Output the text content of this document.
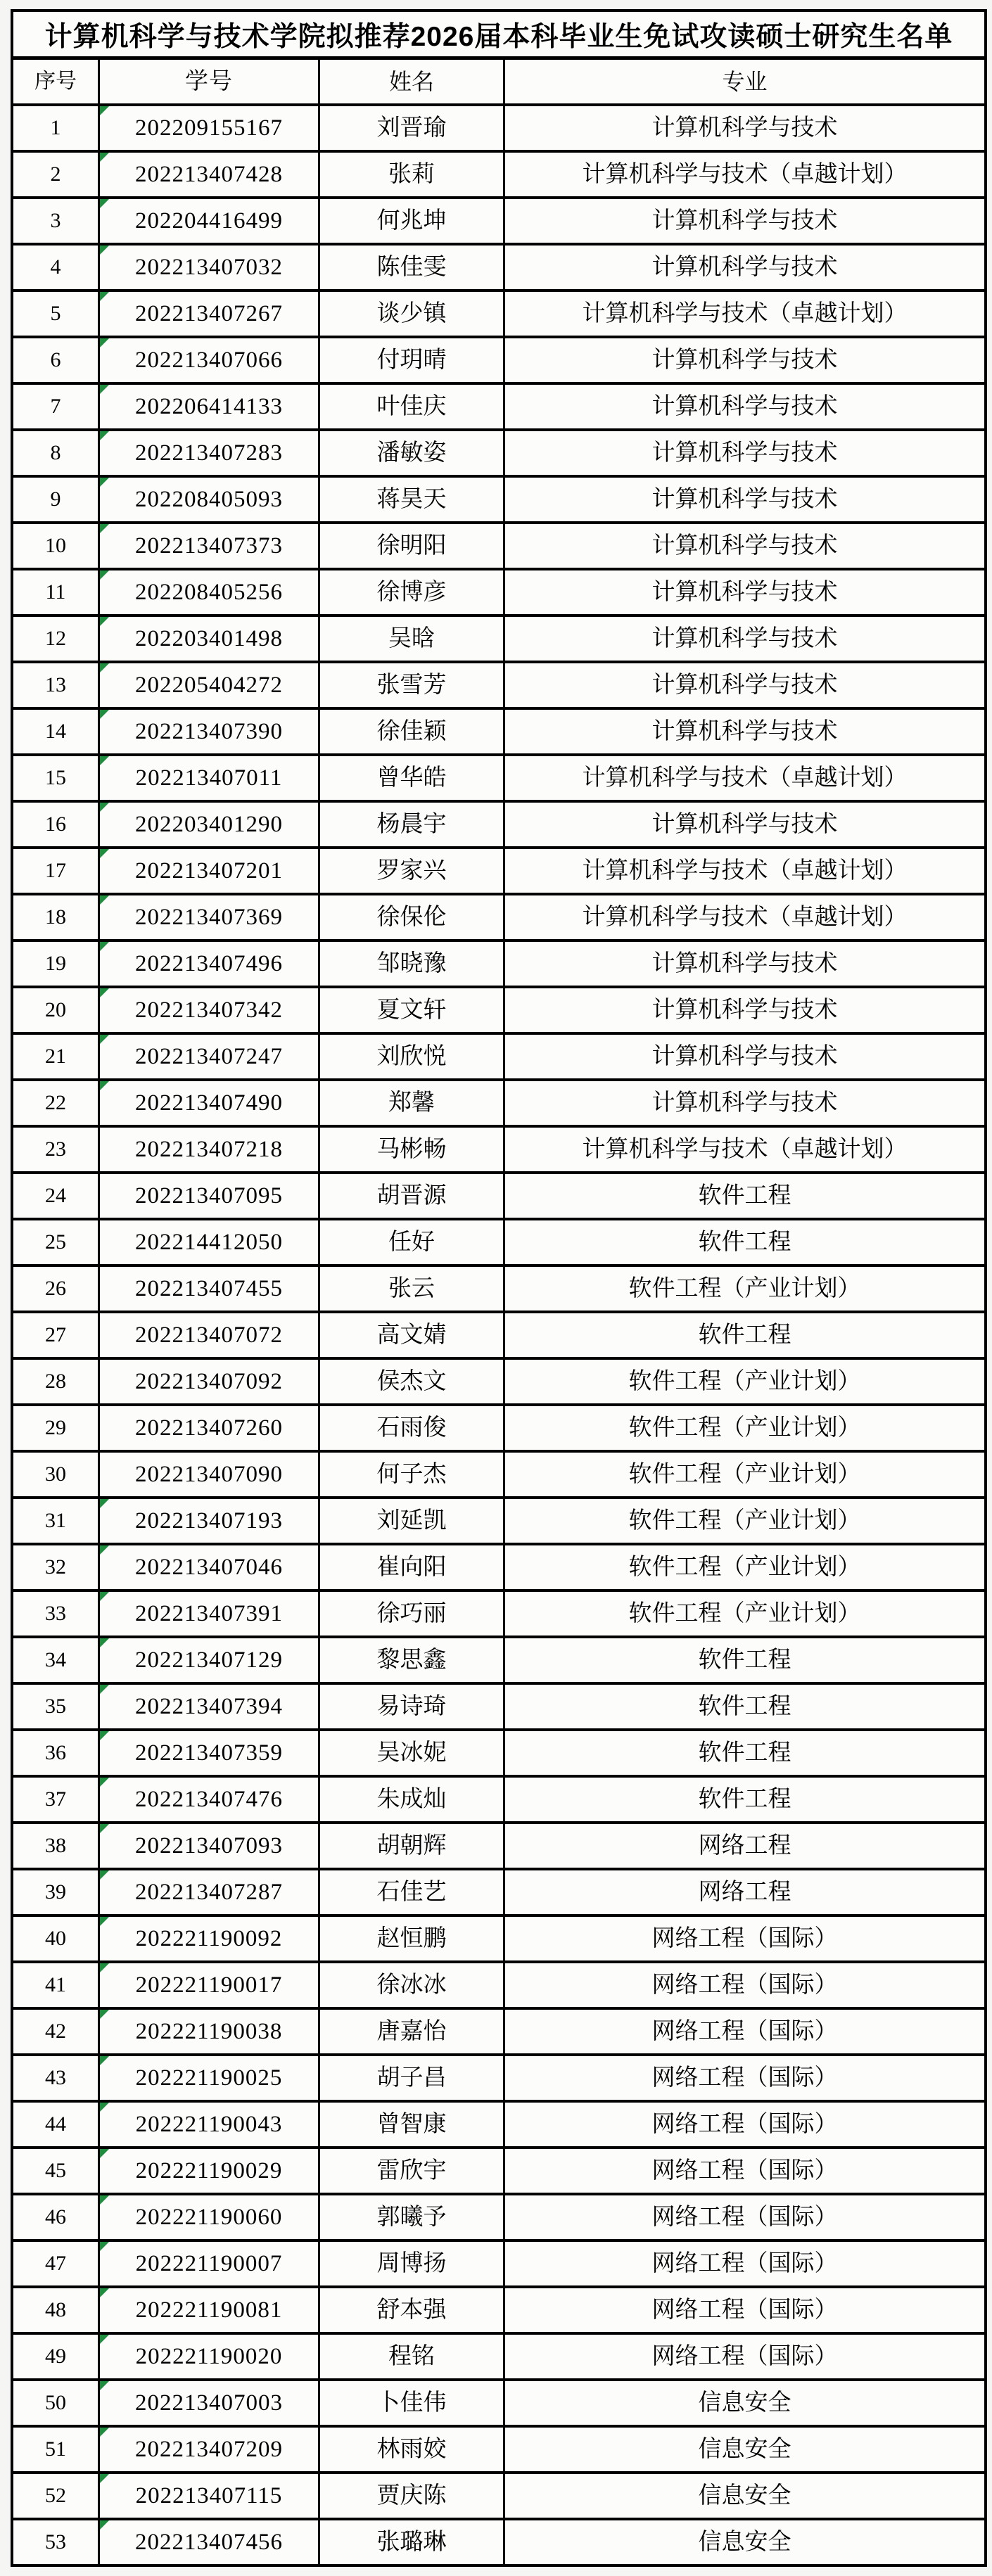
计算机科学与技术学院拟推荐2026届本科毕业生免试攻读硕士研究生名单
序号	学号	姓名	专业
1	202209155167	刘晋瑜	计算机科学与技术
2	202213407428	张莉	计算机科学与技术（卓越计划）
3	202204416499	何兆坤	计算机科学与技术
4	202213407032	陈佳雯	计算机科学与技术
5	202213407267	谈少镇	计算机科学与技术（卓越计划）
6	202213407066	付玥晴	计算机科学与技术
7	202206414133	叶佳庆	计算机科学与技术
8	202213407283	潘敏姿	计算机科学与技术
9	202208405093	蒋昊天	计算机科学与技术
10	202213407373	徐明阳	计算机科学与技术
11	202208405256	徐博彦	计算机科学与技术
12	202203401498	吴晗	计算机科学与技术
13	202205404272	张雪芳	计算机科学与技术
14	202213407390	徐佳颖	计算机科学与技术
15	202213407011	曾华皓	计算机科学与技术（卓越计划）
16	202203401290	杨晨宇	计算机科学与技术
17	202213407201	罗家兴	计算机科学与技术（卓越计划）
18	202213407369	徐保伦	计算机科学与技术（卓越计划）
19	202213407496	邹晓豫	计算机科学与技术
20	202213407342	夏文轩	计算机科学与技术
21	202213407247	刘欣悦	计算机科学与技术
22	202213407490	郑馨	计算机科学与技术
23	202213407218	马彬畅	计算机科学与技术（卓越计划）
24	202213407095	胡晋源	软件工程
25	202214412050	任好	软件工程
26	202213407455	张云	软件工程（产业计划）
27	202213407072	高文婧	软件工程
28	202213407092	侯杰文	软件工程（产业计划）
29	202213407260	石雨俊	软件工程（产业计划）
30	202213407090	何子杰	软件工程（产业计划）
31	202213407193	刘延凯	软件工程（产业计划）
32	202213407046	崔向阳	软件工程（产业计划）
33	202213407391	徐巧丽	软件工程（产业计划）
34	202213407129	黎思鑫	软件工程
35	202213407394	易诗琦	软件工程
36	202213407359	吴冰妮	软件工程
37	202213407476	朱成灿	软件工程
38	202213407093	胡朝辉	网络工程
39	202213407287	石佳艺	网络工程
40	202221190092	赵恒鹏	网络工程（国际）
41	202221190017	徐冰冰	网络工程（国际）
42	202221190038	唐嘉怡	网络工程（国际）
43	202221190025	胡子昌	网络工程（国际）
44	202221190043	曾智康	网络工程（国际）
45	202221190029	雷欣宇	网络工程（国际）
46	202221190060	郭曦予	网络工程（国际）
47	202221190007	周博扬	网络工程（国际）
48	202221190081	舒本强	网络工程（国际）
49	202221190020	程铭	网络工程（国际）
50	202213407003	卜佳伟	信息安全
51	202213407209	林雨姣	信息安全
52	202213407115	贾庆陈	信息安全
53	202213407456	张璐琳	信息安全
